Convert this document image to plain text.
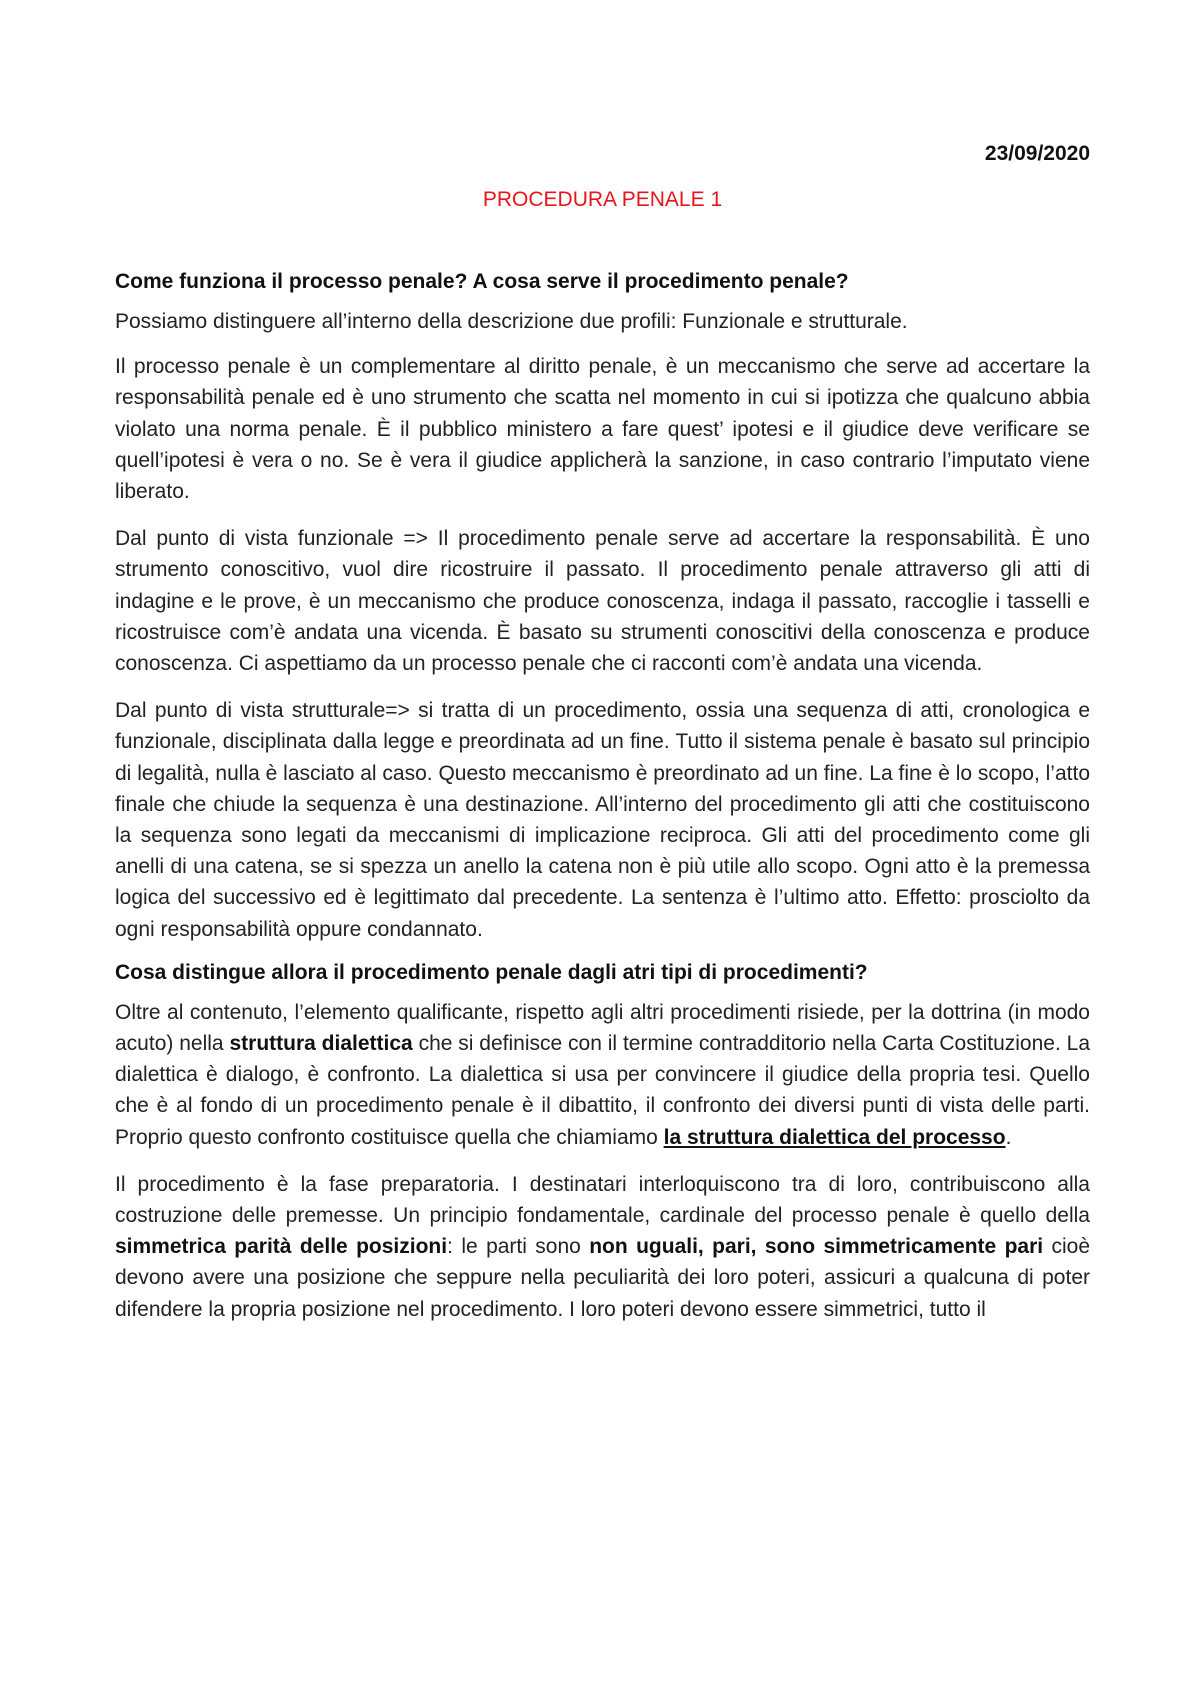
23/09/2020
PROCEDURA PENALE 1
Come funziona il processo penale? A cosa serve il procedimento penale?

Possiamo distinguere all’interno della descrizione due profili: Funzionale e strutturale.

Il processo penale è un complementare al diritto penale, è un meccanismo che serve ad accertare la responsabilità penale ed è uno strumento che scatta nel momento in cui si ipotizza che qualcuno abbia violato una norma penale. È il pubblico ministero a fare quest’ ipotesi e il giudice deve verificare se quell’ipotesi è vera o no. Se è vera il giudice applicherà la sanzione, in caso contrario l’imputato viene liberato.

Dal punto di vista funzionale => Il procedimento penale serve ad accertare la responsabilità. È uno strumento conoscitivo, vuol dire ricostruire il passato. Il procedimento penale attraverso gli atti di indagine e le prove, è un meccanismo che produce conoscenza, indaga il passato, raccoglie i tasselli e ricostruisce com’è andata una vicenda. È basato su strumenti conoscitivi della conoscenza e produce conoscenza. Ci aspettiamo da un processo penale che ci racconti com’è andata una vicenda.

Dal punto di vista strutturale=> si tratta di un procedimento, ossia una sequenza di atti, cronologica e funzionale, disciplinata dalla legge e preordinata ad un fine. Tutto il sistema penale è basato sul principio di legalità, nulla è lasciato al caso. Questo meccanismo è preordinato ad un fine. La fine è lo scopo, l’atto finale che chiude la sequenza è una destinazione. All’interno del procedimento gli atti che costituiscono la sequenza sono legati da meccanismi di implicazione reciproca. Gli atti del procedimento come gli anelli di una catena, se si spezza un anello la catena non è più utile allo scopo. Ogni atto è la premessa logica del successivo ed è legittimato dal precedente. La sentenza è l’ultimo atto. Effetto: prosciolto da ogni responsabilità oppure condannato.

Cosa distingue allora il procedimento penale dagli atri tipi di procedimenti?

Oltre al contenuto, l’elemento qualificante, rispetto agli altri procedimenti risiede, per la dottrina (in modo acuto) nella struttura dialettica che si definisce con il termine contradditorio nella Carta Costituzione. La dialettica è dialogo, è confronto. La dialettica si usa per convincere il giudice della propria tesi. Quello che è al fondo di un procedimento penale è il dibattito, il confronto dei diversi punti di vista delle parti. Proprio questo confronto costituisce quella che chiamiamo la struttura dialettica del processo.

Il procedimento è la fase preparatoria. I destinatari interloquiscono tra di loro, contribuiscono alla costruzione delle premesse. Un principio fondamentale, cardinale del processo penale è quello della simmetrica parità delle posizioni: le parti sono non uguali, pari, sono simmetricamente pari cioè devono avere una posizione che seppure nella peculiarità dei loro poteri, assicuri a qualcuna di poter difendere la propria posizione nel procedimento. I loro poteri devono essere simmetrici, tutto il
